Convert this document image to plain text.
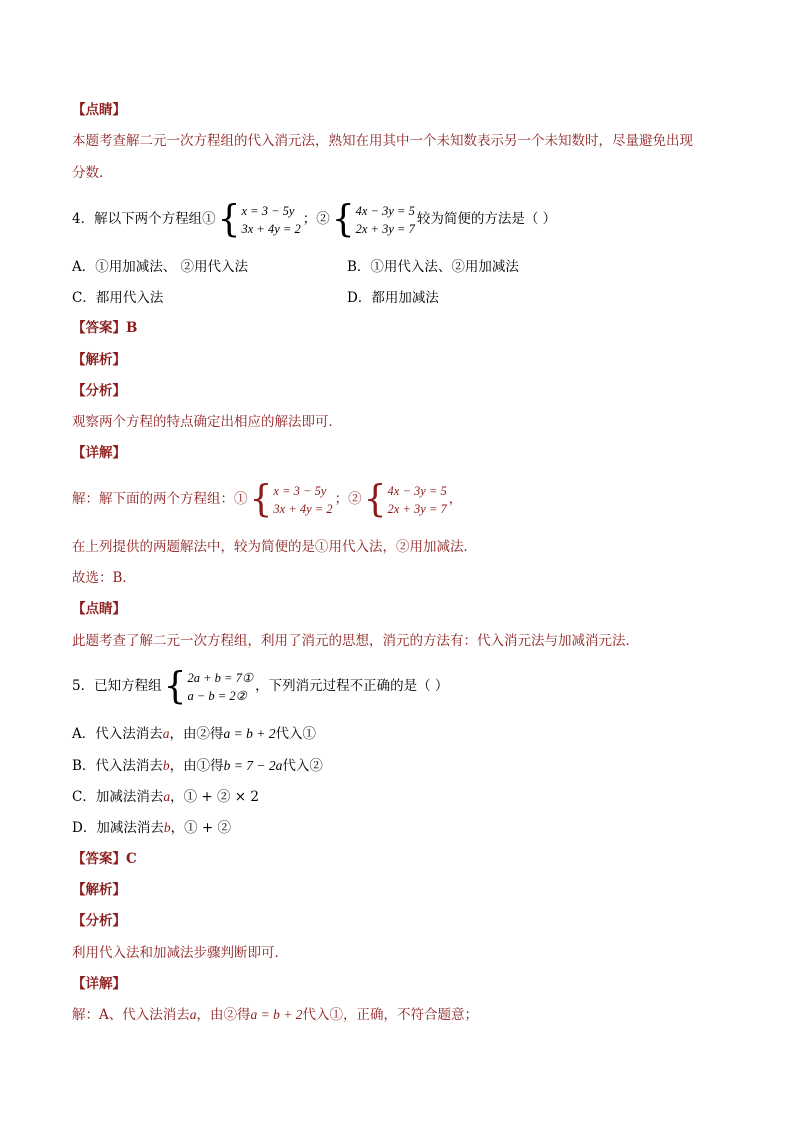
【点睛】
本题考查解二元一次方程组的代入消元法，熟知在用其中一个未知数表示另一个未知数时，尽量避免出现
分数．
4．解以下两个方程组① { x = 3 − 5y
3x + 4y = 2
；② { 4x − 3y = 5
2x + 3y = 7
较为简便的方法是（ ）
A．①用加减法、 ②用代入法	B．①用代入法、②用加减法
C．都用代入法	D．都用加减法
【答案】B
【解析】
【分析】
观察两个方程的特点确定出相应的解法即可．
【详解】
解：解下面的两个方程组：① { x = 3 − 5y
3x + 4y = 2
；② { 4x − 3y = 5
2x + 3y = 7
，
在上列提供的两题解法中，较为简便的是①用代入法，②用加减法．
故选：B．
【点睛】
此题考查了解二元一次方程组，利用了消元的思想，消元的方法有：代入消元法与加减消元法．
5．已知方程组 { 2a + b = 7①
a − b = 2②
，下列消元过程不正确的是（ ）
A．代入法消去a，由②得a = b + 2代入①
B．代入法消去b，由①得b = 7 − 2a代入②
C．加减法消去a，① + ② × 2
D．加减法消去b，① + ②
【答案】C
【解析】
【分析】
利用代入法和加减法步骤判断即可．
【详解】
解：A、代入法消去a，由②得a = b + 2代入①，正确，不符合题意；
